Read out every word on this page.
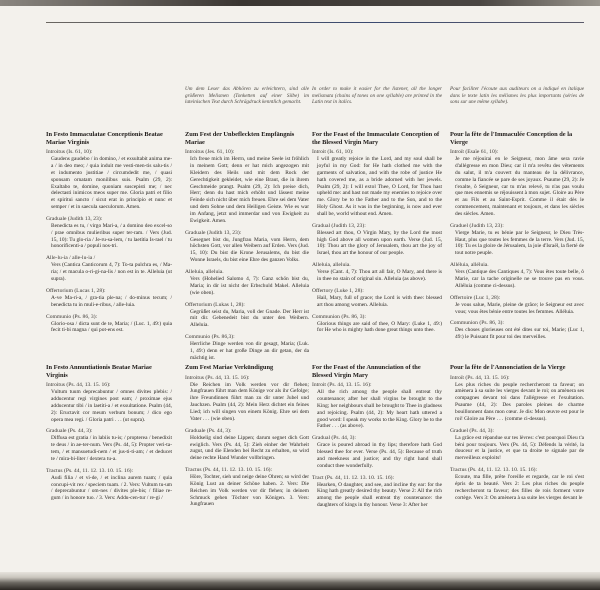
Um dem Leser das Abhören zu erleichtern, sind alle größeren Melismen (Tonketten auf einer Silbe) im lateinischen Text durch Schrägdruck kenntlich gemacht.
In order to make it easier for the listener, all the longer melismata (chains of tones on one syllable) are printed in the Latin text in italics.
Pour faciliter l'écoute aux auditeurs on a indiqué en italique dans le texte latin les mélismes les plus importants (séries de sons sur une même syllabe).
In Festo Immaculatae Conceptionis Beatae Mariae Virginis
Introitus (Is. 61, 10):
Gaudens gaudebo / in domino, / et exsultabit anima me-a / in deo meo; / quia induit me vesti-men-tis salu-tis / et indumento justitiae / circumdedit me, / quasi sponsam ornatam monilibus suis. Psalm (29, 2): Exaltabo te, domine, quoniam suscepisti me; / nec delectasti inimicos meos super me. Gloria patri et filio et spiritui sancto / sicut erat in principio et nunc et semper / et in saecula saeculorum. Amen.
Graduale (Judith 13, 23):
Benedicta es tu, / virgo Mari-a, / a domino deo excel-so / prae omnibus mulieribus super ter-ram. / Vers (Jud. 15, 10): Tu glo-ria / Je-ru-sa-lem, / tu laetitia Is-rael / tu honorificenti-a / populi nos-tri.
Alle-lu-ia / alle-lu-ia /
Vers (Cantica Canticorum 4, 7): To-ta pulchra es, / Ma-ria; / et macula o-ri-gi-na-lis / non est in te. Alleluia (ut supra).
Offertorium (Lucas 1, 28):
A-ve Ma-ri-a, / gra-tia ple-na; / do-minus tecum; / benedicta tu in muli-e-ribus, / alle-luia.
Communio (Ps. 86, 3):
Glorio-osa / dicta sunt de te, Maria; / (Luc. 1, 49:) quia fecit ti-bi magna / qui pot-ens est.
Zum Fest der Unbefleckten Empfängnis Mariae
Introitus (Jes. 61, 10):
Ich freue mich im Herrn, und meine Seele ist fröhlich in meinem Gott; denn er hat mich angezogen mit Kleidern des Heils und mit dem Rock der Gerechtigkeit gekleidet, wie eine Braut, die in ihrem Geschmeide prangt. Psalm (29, 2): Ich preise dich, Herr; denn du hast mich erhöht und lässest meine Feinde sich nicht über mich freuen. Ehre sei dem Vater und dem Sohne und dem Heiligen Geiste. Wie es war im Anfang, jetzt und immerdar und von Ewigkeit zu Ewigkeit. Amen.
Graduale (Judith 13, 23):
Gesegnet bist du, Jungfrau Maria, vom Herrn, dem höchsten Gott, vor allen Weibern auf Erden. Vers (Jud. 15, 10): Du bist die Krone Jerusalems, du bist die Wonne Israels, du bist eine Ehre des ganzen Volks.
Alleluia, alleluia.
Vers (Hohelied Salomo 4, 7): Ganz schön bist du, Maria; in dir ist nicht der Erbschuld Makel. Alleluia (wie oben).
Offertorium (Lukas 1, 28):
Gegrüßet seist du, Maria, voll der Gnade. Der Herr ist mit dir. Gebenedeit bist du unter den Weibern. Alleluia.
Communio (Ps. 86,3):
Herrliche Dinge werden von dir gesagt, Maria; (Luk. 1, 49:) denn er hat große Dinge an dir getan, der da mächtig ist.
For the Feast of the Immaculate Conception of the Blessed Virgin Mary
Introit (Is. 61, 10):
I will greatly rejoice in the Lord, and my soul shall be joyful in my God: for He hath clothed me with the garments of salvation, and with the robe of justice He hath covered me, as a bride adorned with her jewels. Psalm (29, 2): I will extol Thee, O Lord, for Thou hast upheld me: and hast not made my enemies to rejoice over me. Glory be to the Father and to the Son, and to the Holy Ghost. As it was in the beginning, is now and ever shall be, world without end. Amen.
Gradual (Judith 13, 23):
Blessed art thou, O Virgin Mary, by the Lord the most high God above all women upon earth. Verse (Jud. 15, 10): Thou art the glory of Jerusalem, thou art the joy of Israel, thou art the honour of our people.
Alleluia, alleluia.
Verse (Cant. 4, 7): Thou art all fair, O Mary, and there is in thee no stain of original sin. Alleluia (as above).
Offertory (Luke 1, 28):
Hail, Mary, full of grace; the Lord is with thee: blessed art thou among women. Alleluia.
Communion (Ps. 86, 3):
Glorious things are said of thee, O Mary: (Luke 1, 49:) for He who is mighty hath done great things unto thee.
Pour la fête de l'Immaculée Conception de la Vierge
Introït (Esaïe 61, 10):
Je me réjouirai en le Seigneur, mon âme sera ravie d'allégresse en mon Dieu; car il m'a revêtu des vêtements du salut, il m'a couvert du manteau de la délivrance, comme la fiancée se pare de ses joyaux. Psaume (29, 2): Je t'exalte, ô Seigneur, car tu m'as relevé, tu n'as pas voulu que mes ennemis se réjouissent à mon sujet. Gloire au Père et au Fils et au Saint-Esprit. Comme il était dès le commencement, maintenant et toujours, et dans les siècles des siècles. Amen.
Graduel (Judith 13, 23):
Vierge Marie, tu es bénie par le Seigneur, le Dieu Très-Haut, plus que toutes les femmes de la terre. Vers (Jud. 15, 10): Tu es la gloire de Jérusalem, la joie d'Israël, la fierté de tout notre peuple.
Alléluia, alléluia.
Vers (Cantique des Cantiques 4, 7): Vous êtes toute belle, ô Marie, car la tache originelle ne se trouve pas en vous. Alléluia (comme ci-dessus).
Offertoire (Luc 1, 28):
Je vous salue, Marie, pleine de grâce; le Seigneur est avec vous; vous êtes bénie entre toutes les femmes. Alléluia.
Communion (Ps. 86, 3):
Des choses glorieuses ont été dites sur toi, Marie; (Luc 1, 49:) le Puissant fit pour toi des merveilles.
In Festo Annuntiationis Beatae Mariae Virginis
Introitus (Ps. 44, 13. 15. 16):
Vultum tuum deprecabuntur / omnes divites plebis: / adducentur regi virgines post eam; / proximae ejus adducentur tibi / in laetiti-a / et exsultatione. Psalm (44, 2): Eructavit cor meum verbum bonum; / dico ego opera mea regi. / Gloria patri . . . (ut supra).
Graduale (Ps. 44, 3):
Diffusa est gratia / in labiis tu-is; / propterea / benedixit te deus / in ae-ter-num. Vers (Ps. 44, 5): Propter veri-ta-tem, / et mansuetudi-nem / et jus-ti-ti-am; / et deducet te / mira-bi-liter / dextera tu-a.
Tractus (Ps. 44, 11. 12. 13. 10. 15. 16):
Audi filia / et vi-de, / et inclina aurem tuam; / quia concupi-vit rex / speciem tuam. / 2. Vers: Vultum tu-um / deprecabuntur / om-nes / divites ple-bis; / filiae re-gum / in honore tuo. / 3. Vers: Addu-cen-tur / re-gi /
Zum Fest Mariae Verkündigung
Introitus (Ps. 44, 13. 15. 16):
Die Reichen im Volk werden vor dir flehen; Jungfrauen führt man dem Könige vor als ihr Gefolge; ihre Freundinnen führt man zu dir unter Jubel und Jauchzen. Psalm (44, 2): Mein Herz dichtet ein feines Lied; ich will singen von einem König. Ehre sei dem Vater . . . (wie oben).
Graduale (Ps. 44, 3):
Holdselig sind deine Lippen; darum segnet dich Gott ewiglich. Vers (Ps. 44, 5): Zieh einher der Wahrheit zugut, und die Elenden bei Recht zu erhalten, so wird deine rechte Hand Wunder vollbringen.
Tractus (Ps. 44, 11. 12. 13. 10. 15. 16):
Höre, Tochter, sieh und neige deine Ohren; so wird der König Lust an deiner Schöne haben. 2. Vers: Die Reichen im Volk werden vor dir flehen; in deinem Schmuck gehen Töchter von Königen. 3. Vers: Jungfrauen
For the Feast of the Annunciation of the Blessed Virgin Mary
Introit (Ps. 44, 13. 15. 16):
All the rich among the people shall entreat thy countenance; after her shall virgins be brought to the King; her neighbours shall be brought to Thee in gladness and rejoicing. Psalm (44, 2): My heart hath uttered a good word: I speak my works to the King. Glory be to the Father . . . (as above).
Gradual (Ps. 44, 3):
Grace is poured abroad in thy lips; therefore hath God blessed thee for ever. Verse (Ps. 44, 5): Because of truth and meekness and justice; and thy right hand shall conduct thee wonderfully.
Tract (Ps. 44, 11. 12. 13. 10. 15. 16):
Hearken, O daughter, and see, and incline thy ear: for the King hath greatly desired thy beauty. Verse 2: All the rich among the people shall entreat thy countenance: the daughters of kings in thy honour. Verse 3: After her
Pour la fête de l'Annonciation de la Vierge
Introït (Ps. 44, 13. 15. 16):
Les plus riches du peuple rechercheront ta faveur; on amènera à sa suite les vierges devant le roi; on amènera ses compagnes devant toi dans l'allégresse et l'exultation. Psaume (44, 2): Des paroles pleines de charme bouillonnent dans mon cœur. Je dis: Mon œuvre est pour le roi! Gloire au Père . . . (comme ci-dessus).
Graduel (Ps. 44, 3):
La grâce est répandue sur tes lèvres: c'est pourquoi Dieu t'a béni pour toujours. Vers (Ps. 44, 5): Défends la vérité, la douceur et la justice, et que ta droite te signale par de merveilleux exploits!
Tractus (Ps. 44, 11. 12. 13. 10. 15. 16):
Ecoute, ma fille, prête l'oreille et regarde, car le roi s'est épris de ta beauté. Vers 2: Les plus riches du peuple rechercheront ta faveur; des filles de rois forment votre cortège. Vers 3: On amènera à sa suite les vierges devant le
